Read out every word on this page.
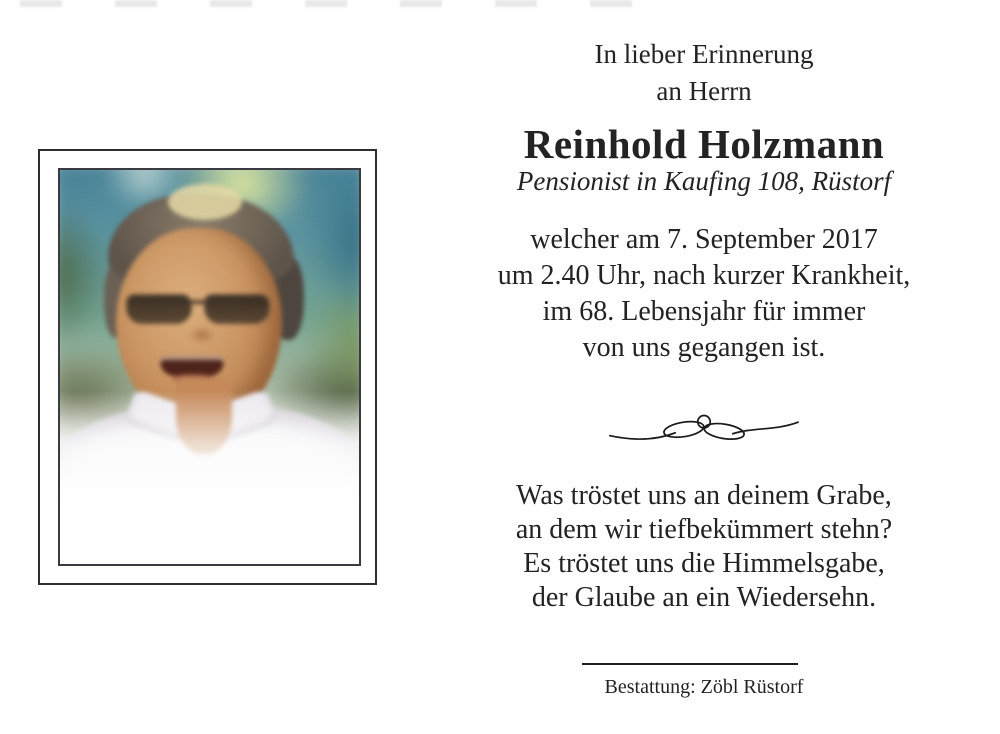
In lieber Erinnerung
an Herrn
Reinhold Holzmann
Pensionist in Kaufing 108, Rüstorf
welcher am 7. September 2017
um 2.40 Uhr, nach kurzer Krankheit,
im 68. Lebensjahr für immer
von uns gegangen ist.
Was tröstet uns an deinem Grabe,
an dem wir tiefbekümmert stehn?
Es tröstet uns die Himmelsgabe,
der Glaube an ein Wiedersehn.
Bestattung: Zöbl Rüstorf
